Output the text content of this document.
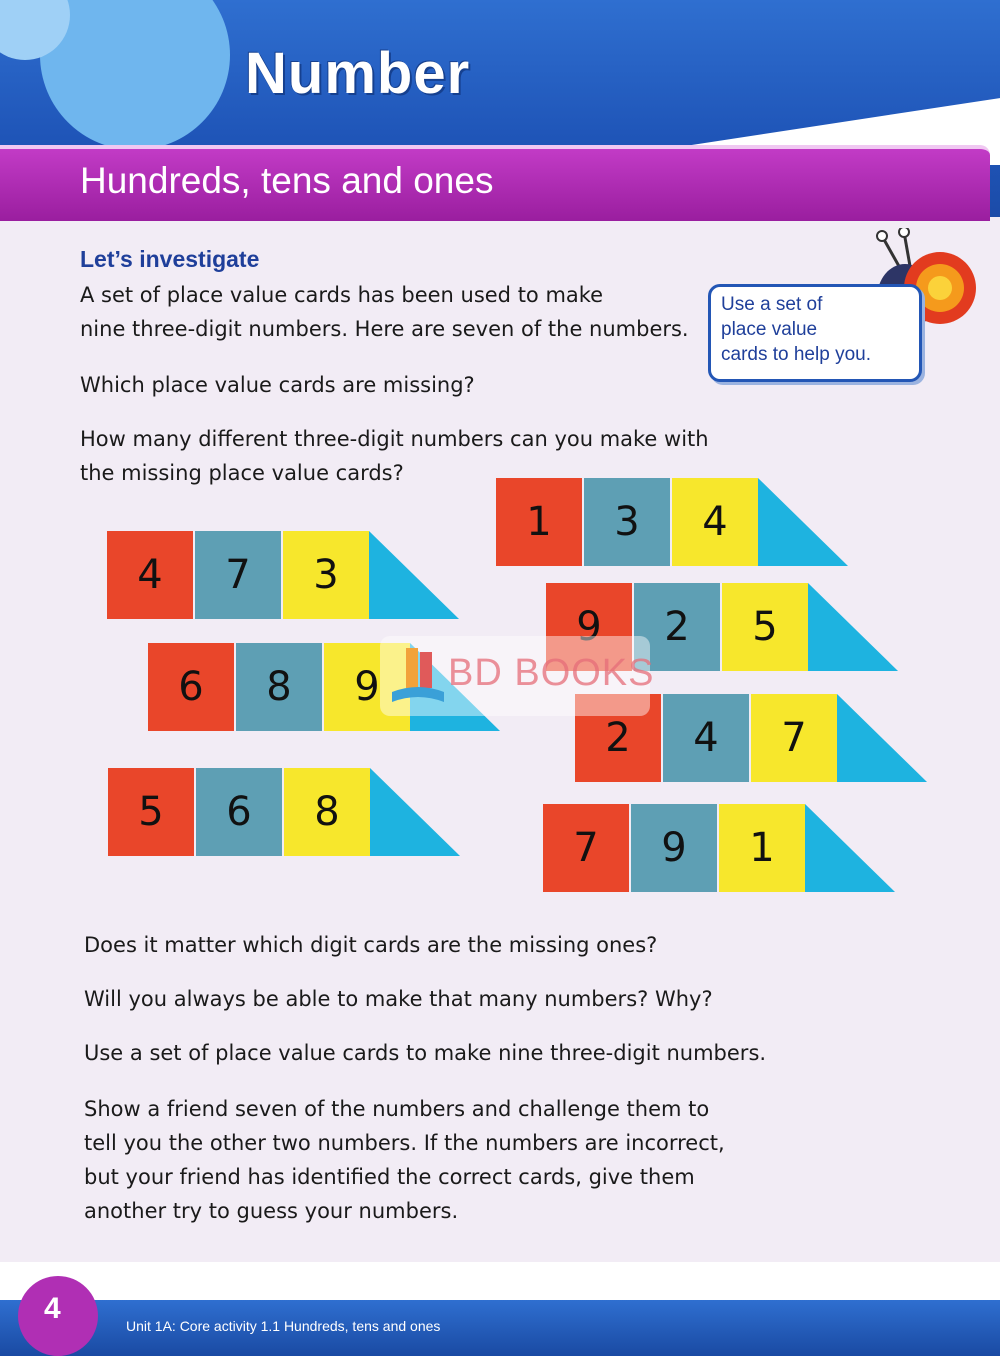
Number
Hundreds, tens and ones
Let’s investigate

A set of place value cards has been used to make
nine three-digit numbers. Here are seven of the numbers.

Which place value cards are missing?

How many different three-digit numbers can you make with
the missing place value cards?

Use a set of
place value
cards to help you.
1	3	4
4	7	3
9	2	5
6	8	9
2	4	7
5	6	8
7	9	1
BD BOOKS

Does it matter which digit cards are the missing ones?

Will you always be able to make that many numbers? Why?

Use a set of place value cards to make nine three-digit numbers.

Show a friend seven of the numbers and challenge them to
tell you the other two numbers. If the numbers are incorrect,
but your friend has identified the correct cards, give them
another try to guess your numbers.

4
Unit 1A: Core activity 1.1 Hundreds, tens and ones
